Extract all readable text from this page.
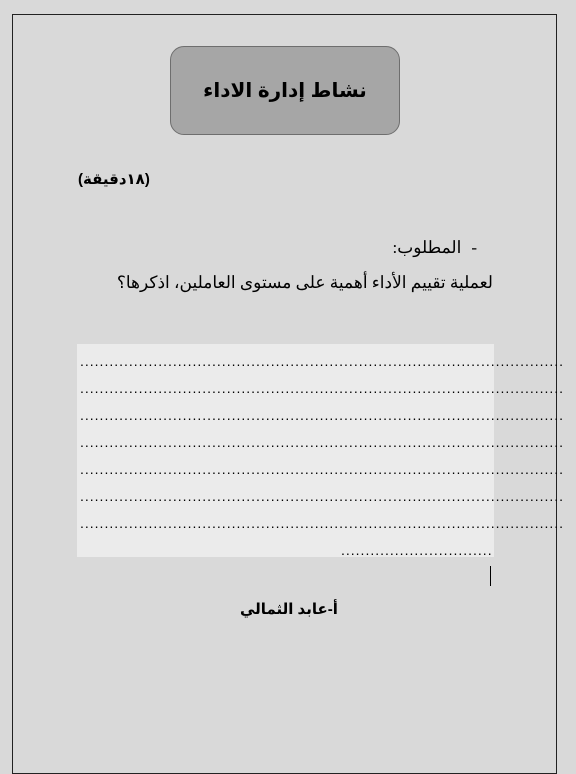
نشاط إدارة الاداء
(١٨دقيقة)
-المطلوب:
لعملية تقييم الأداء أهمية على مستوى العاملين، اذكرها؟
...................................................................................................
...................................................................................................
...................................................................................................
...................................................................................................
...................................................................................................
...................................................................................................
...................................................................................................
...............................
أ-عابد الثمالي
